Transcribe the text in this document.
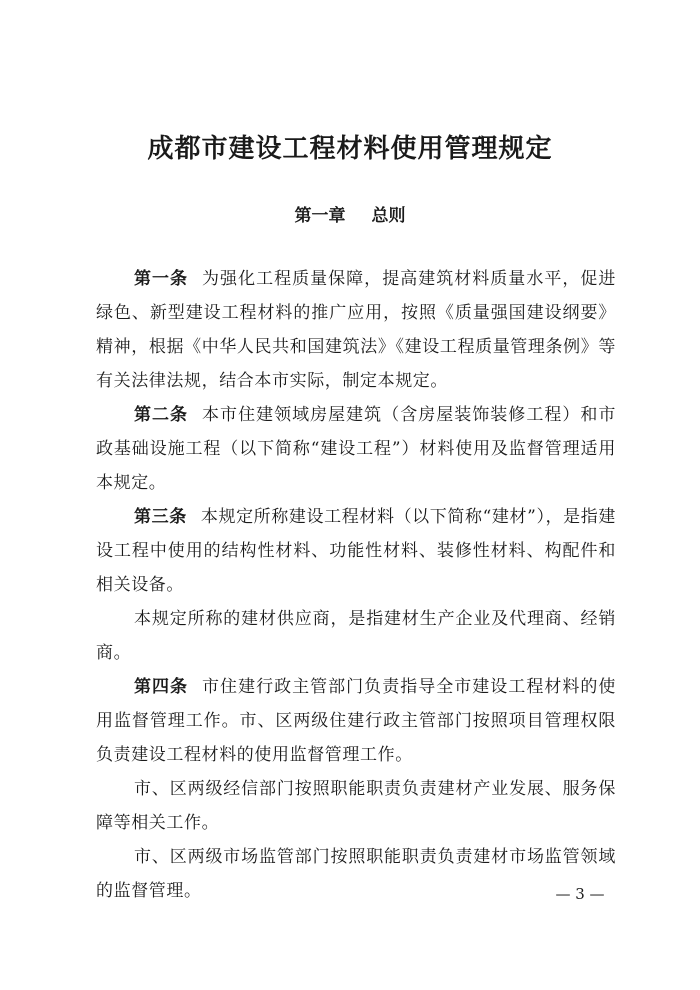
成都市建设工程材料使用管理规定
第一章 总则

第一条 为强化工程质量保障，提高建筑材料质量水平，促进绿色、新型建设工程材料的推广应用，按照《质量强国建设纲要》精神，根据《中华人民共和国建筑法》《建设工程质量管理条例》等有关法律法规，结合本市实际，制定本规定。

第二条 本市住建领域房屋建筑（含房屋装饰装修工程）和市政基础设施工程（以下简称“建设工程”）材料使用及监督管理适用本规定。

第三条 本规定所称建设工程材料（以下简称“建材”），是指建设工程中使用的结构性材料、功能性材料、装修性材料、构配件和相关设备。

本规定所称的建材供应商，是指建材生产企业及代理商、经销商。

第四条 市住建行政主管部门负责指导全市建设工程材料的使用监督管理工作。市、区两级住建行政主管部门按照项目管理权限负责建设工程材料的使用监督管理工作。

市、区两级经信部门按照职能职责负责建材产业发展、服务保障等相关工作。

市、区两级市场监管部门按照职能职责负责建材市场监管领域的监督管理。	— 3 —
